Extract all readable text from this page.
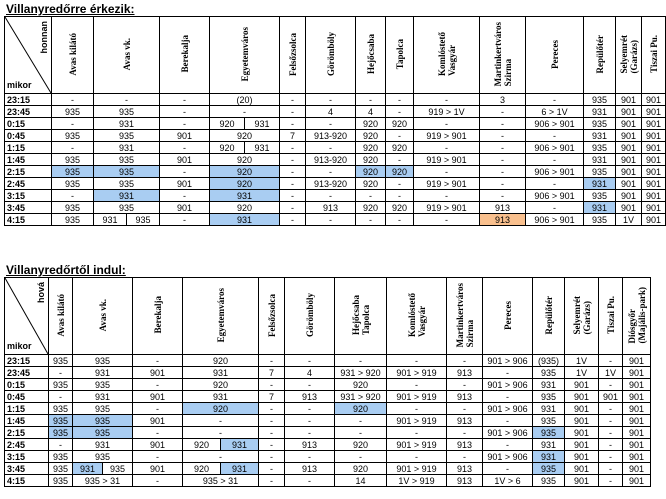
Villanyredőrre érkezik:
honnan
mikor	Avas kilátó	Avas vk.	Berekalja	Egyetemváros	Felsőzsolca	Görömböly	Hejőcsaba	Tapolca	Komlóstető
Vasgyár	Martinkertváros
Szirma	Pereces	Repülőtér	Selyemrét
(Garázs)	Tiszai Pu.	
23:15	-	-	-	(20)	-	-	-	-	-	3	-	935	901	901	
23:45	935	935	-	-	-	4	4	-	919 > 1V	-	6 > 1V	931	901	901	
0:15	-	931	-	920 931	-	-	920	920	-	-	906 > 901	935	901	901	
0:45	935	935	901	920	7	913-920	920	-	919 > 901	-	-	931	901	901	
1:15	-	931	-	920 931	-	-	920	920	-	-	906 > 901	935	901	901	
1:45	935	935	901	920	-	913-920	920	-	919 > 901	-	-	931	901	901	
2:15	935	935	-	920	-	-	920	920	-	-	906 > 901	935	901	901	
2:45	935	935	901	920	-	913-920	920	-	919 > 901	-	-	931	901	901	
3:15	-	931	-	931	-	-	-	-	-	-	906 > 901	935	901	901	
3:45	935	935	901	920	-	913	920	920	919 > 901	913	-	931	901	901	
4:15	935	931 935	-	931	-	-	-	-	-	913	906 > 901	935	1V	901	
Villanyredőrtől indul:
hová
mikor	Avas kilátó	Avas vk.	Berekalja	Egyetemváros	Felsőzsolca	Görömböly	Hejőcsaba
Tapolca	Komlóstető
Vasgyár	Martinkertváros
Szirma	Pereces	Repülőtér	Selyemrét
(Garázs)	Tiszai Pu.	Diósgyőr
(Majális-park)
23:15	935	935	-	920	-	-	-	-	-	901 > 906	(935)	1V	-	901
23:45	-	931	901	931	7	4	931 > 920	901 > 919	913	-	935	1V	1V	901
0:15	935	935	-	920	-	-	920	-	-	901 > 906	931	901	-	901
0:45	-	931	901	931	7	913	931 > 920	901 > 919	913	-	935	901	901	901
1:15	935	935	-	920	-	-	920	-	-	901 > 906	931	901	-	901
1:45	935	935	901	-	-	-	-	901 > 919	913	-	935	901	-	901
2:15	935	935	-	-	-	-	-	-	-	901 > 906	935	901	-	901
2:45	-	931	901	920 931	-	913	920	901 > 919	913	-	931	901	-	901
3:15	935	935	-	-	-	-	-	-	-	901 > 906	931	901	-	901
3:45	935	931 935	901	920 931	-	913	920	901 > 919	913	-	935	901	-	901
4:15	935	935 > 31	-	935 > 31	-	-	14	1V > 919	913	1V > 6	935	901	-	901
